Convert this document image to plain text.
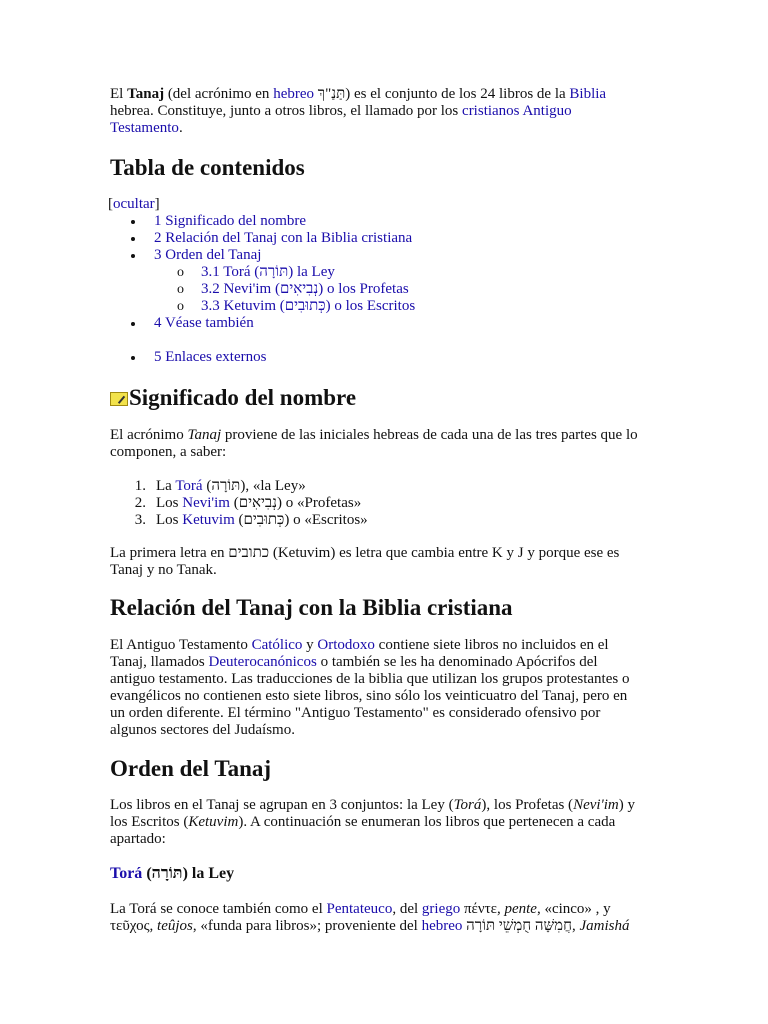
El Tanaj (del acrónimo en hebreo תַּנַ"ךְ) es el conjunto de los 24 libros de la Biblia
hebrea. Constituye, junto a otros libros, el llamado por los cristianos Antiguo
Testamento.
Tabla de contenidos
[ocultar]
1 Significado del nombre
2 Relación del Tanaj con la Biblia cristiana
3 Orden del Tanaj
o 3.1 Torá (תּוֹרָה) la Ley
o 3.2 Nevi'im (נְבִיאִים) o los Profetas
o 3.3 Ketuvim (כְּתוּבִים) o los Escritos
4 Véase también
5 Enlaces externos
Significado del nombre
El acrónimo Tanaj proviene de las iniciales hebreas de cada una de las tres partes que lo
componen, a saber:
1. La Torá (תּוֹרָה), «la Ley»
2. Los Nevi'im (נְבִיאִים) o «Profetas»
3. Los Ketuvim (כְּתוּבִים) o «Escritos»
La primera letra en כתובים (Ketuvim) es letra que cambia entre K y J y porque ese es
Tanaj y no Tanak.
Relación del Tanaj con la Biblia cristiana
El Antiguo Testamento Católico y Ortodoxo contiene siete libros no incluidos en el
Tanaj, llamados Deuterocanónicos o también se les ha denominado Apócrifos del
antiguo testamento. Las traducciones de la biblia que utilizan los grupos protestantes o
evangélicos no contienen esto siete libros, sino sólo los veinticuatro del Tanaj, pero en
un orden diferente. El término "Antiguo Testamento" es considerado ofensivo por
algunos sectores del Judaísmo.
Orden del Tanaj
Los libros en el Tanaj se agrupan en 3 conjuntos: la Ley (Torá), los Profetas (Nevi'im) y
los Escritos (Ketuvim). A continuación se enumeran los libros que pertenecen a cada
apartado:
Torá (תּוֹרָה) la Ley
La Torá se conoce también como el Pentateuco, del griego πέντε, pente, «cinco» , y
τεῦχος, teûjos, «funda para libros»; proveniente del hebreo חֲמִשָּׁה חֻמְשֵׁי תּוֹרָה, Jamishá
